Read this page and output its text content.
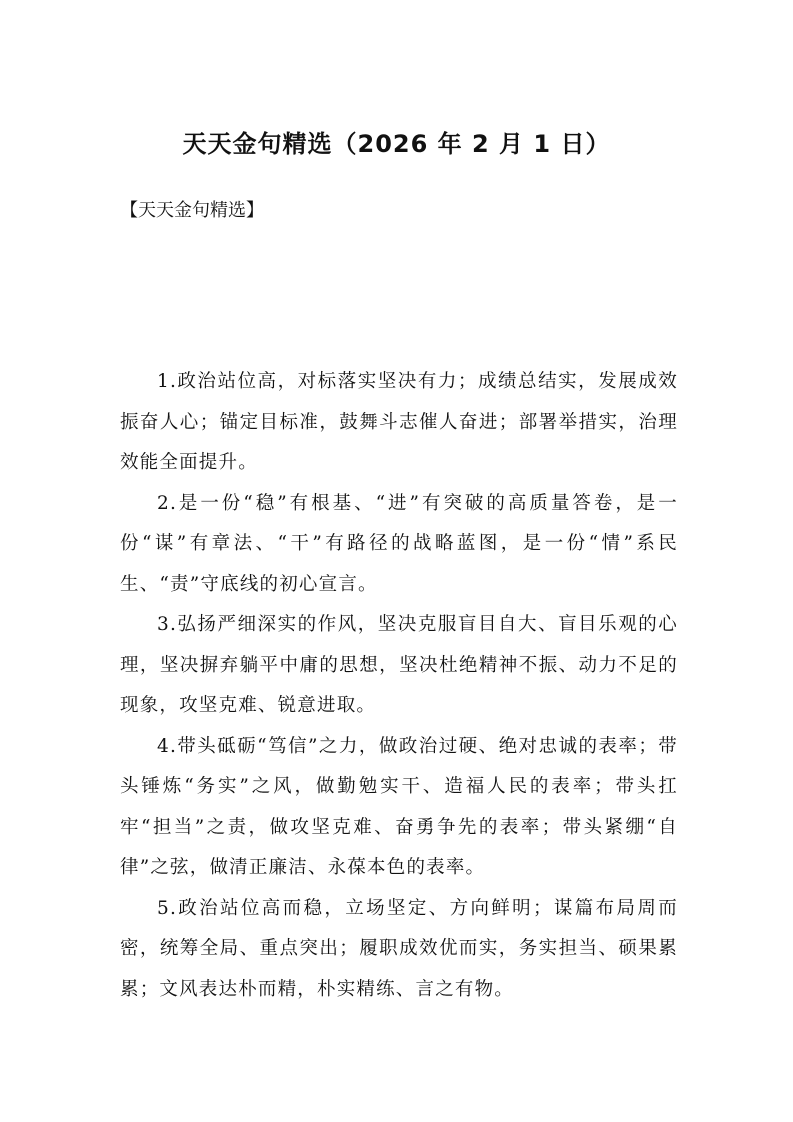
天天金句精选（2026 年 2 月 1 日）

【天天金句精选】

1.政治站位高，对标落实坚决有力；成绩总结实，发展成效振奋人心；锚定目标准，鼓舞斗志催人奋进；部署举措实，治理效能全面提升。

2.是一份“稳”有根基、“进”有突破的高质量答卷，是一份“谋”有章法、“干”有路径的战略蓝图，是一份“情”系民生、“责”守底线的初心宣言。

3.弘扬严细深实的作风，坚决克服盲目自大、盲目乐观的心理，坚决摒弃躺平中庸的思想，坚决杜绝精神不振、动力不足的现象，攻坚克难、锐意进取。

4.带头砥砺“笃信”之力，做政治过硬、绝对忠诚的表率；带头锤炼“务实”之风，做勤勉实干、造福人民的表率；带头扛牢“担当”之责，做攻坚克难、奋勇争先的表率；带头紧绷“自律”之弦，做清正廉洁、永葆本色的表率。

5.政治站位高而稳，立场坚定、方向鲜明；谋篇布局周而密，统筹全局、重点突出；履职成效优而实，务实担当、硕果累累；文风表达朴而精，朴实精练、言之有物。
